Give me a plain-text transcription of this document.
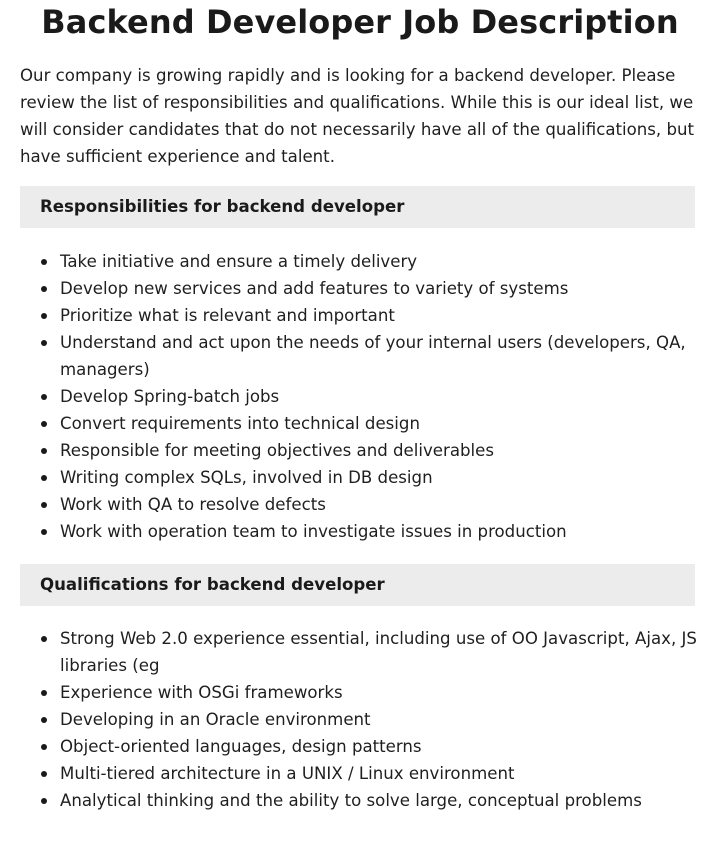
Backend Developer Job Description

Our company is growing rapidly and is looking for a backend developer. Please review the list of responsibilities and qualifications. While this is our ideal list, we will consider candidates that do not necessarily have all of the qualifications, but have sufficient experience and talent.

Responsibilities for backend developer
Take initiative and ensure a timely delivery
Develop new services and add features to variety of systems
Prioritize what is relevant and important
Understand and act upon the needs of your internal users (developers, QA, managers)
Develop Spring-batch jobs
Convert requirements into technical design
Responsible for meeting objectives and deliverables
Writing complex SQLs, involved in DB design
Work with QA to resolve defects
Work with operation team to investigate issues in production
Qualifications for backend developer
Strong Web 2.0 experience essential, including use of OO Javascript, Ajax, JS libraries (eg
Experience with OSGi frameworks
Developing in an Oracle environment
Object-oriented languages, design patterns
Multi-tiered architecture in a UNIX / Linux environment
Analytical thinking and the ability to solve large, conceptual problems
